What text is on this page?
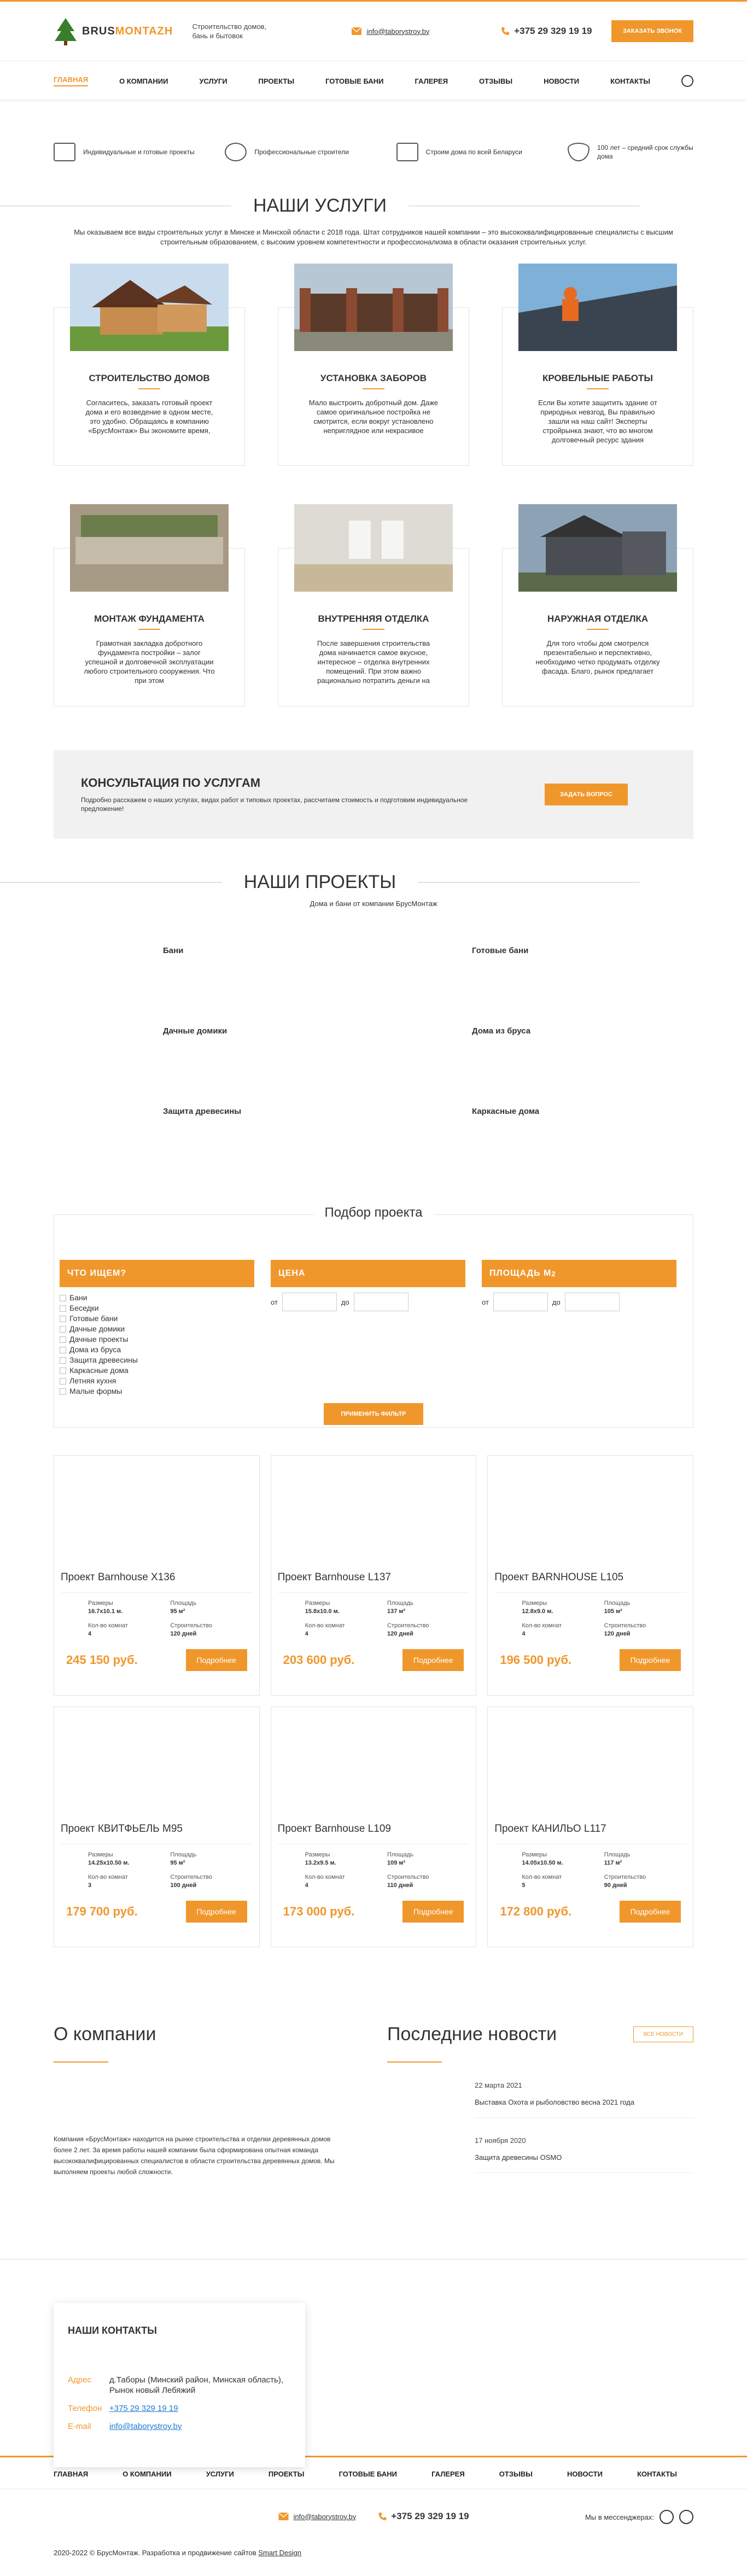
BRUSMONTAZH	Строительство домов, бань и бытовок
info@taborystroy.by	+375 29 329 19 19	ЗАКАЗАТЬ ЗВОНОК
ГЛАВНАЯ	О КОМПАНИИ	УСЛУГИ	ПРОЕКТЫ	ГОТОВЫЕ БАНИ	ГАЛЕРЕЯ	ОТЗЫВЫ	НОВОСТИ	КОНТАКТЫ
Индивидуальные и готовые проекты	Профессиональные строители	Строим дома по всей Беларуси
100 лет – средний срок службы дома
НАШИ УСЛУГИ

Мы оказываем все виды строительных услуг в Минске и Минской области с 2018 года. Штат сотрудников нашей компании – это высококвалифицированные специалисты с высшим строительным образованием, с высоким уровнем компетентности и профессионализма в области оказания строительных услуг.

СТРОИТЕЛЬСТВО ДОМОВ
Согласитесь, заказать готовый проект дома и его возведение в одном месте, это удобно. Обращаясь в компанию «БрусМонтаж» Вы экономите время,
УСТАНОВКА ЗАБОРОВ
Мало выстроить добротный дом. Даже самое оригинальное постройка не смотрится, если вокруг установлено неприглядное или некрасивое
КРОВЕЛЬНЫЕ РАБОТЫ
Если Вы хотите защитить здание от природных невзгод, Вы правильно зашли на наш сайт! Эксперты стройрынка знают, что во многом долговечный ресурс здания
МОНТАЖ ФУНДАМЕНТА
Грамотная закладка добротного фундамента постройки – залог успешной и долговечной эксплуатации любого строительного сооружения. Что при этом
ВНУТРЕННЯЯ ОТДЕЛКА
После завершения строительства дома начинается самое вкусное, интересное – отделка внутренних помещений. При этом важно рационально потратить деньги на
НАРУЖНАЯ ОТДЕЛКА
Для того чтобы дом смотрелся презентабельно и перспективно, необходимо четко продумать отделку фасада. Благо, рынок предлагает
КОНСУЛЬТАЦИЯ ПО УСЛУГАМ

Подробно расскажем о наших услугах, видах работ и типовых проектах, рассчитаем стоимость и подготовим индивидуальное предложение!

ЗАДАТЬ ВОПРОС
НАШИ ПРОЕКТЫ

Дома и бани от компании БрусМонтаж

Бани	Готовые бани
Дачные домики	Дома из бруса
Защита древесины	Каркасные дома
Подбор проекта
ЧТО ИЩЕМ?
Бани
Беседки
Готовые бани
Дачные домики
Дачные проекты
Дома из бруса
Защита древесины
Каркасные дома
Летняя кухня
Малые формы
ЦЕНА
от	до
ПЛОЩАДЬ М 2
от	до
ПРИМЕНИТЬ ФИЛЬТР
Проект Barnhouse X136
Размеры
16.7x10.1 м.
Площадь
95 м²
Кол-во комнат
4
Строительство
120 дней
245 150 руб.	Подробнее
Проект Barnhouse L137
Размеры
15.8x10.0 м.
Площадь
137 м²
Кол-во комнат
4
Строительство
120 дней
203 600 руб.	Подробнее
Проект BARNHOUSE L105
Размеры
12.8x9.0 м.
Площадь
105 м²
Кол-во комнат
4
Строительство
120 дней
196 500 руб.	Подробнее
Проект КВИТФЬЕЛЬ М95
Размеры
14.25x10.50 м.
Площадь
95 м²
Кол-во комнат
3
Строительство
100 дней
179 700 руб.	Подробнее
Проект Barnhouse L109
Размеры
13.2x9.5 м.
Площадь
109 м²
Кол-во комнат
4
Строительство
110 дней
173 000 руб.	Подробнее
Проект КАНИЛЬО L117
Размеры
14.05x10.50 м.
Площадь
117 м²
Кол-во комнат
5
Строительство
90 дней
172 800 руб.	Подробнее
О компании

Компания «БрусМонтаж» находится на рынке строительства и отделки деревянных домов более 2 лет. За время работы нашей компании была сформирована опытная команда высококвалифицированных специалистов в области строительства деревянных домов. Мы выполняем проекты любой сложности.

Последние новости	ВСЕ НОВОСТИ
22 марта 2021
Выставка Охота и рыболовство весна 2021 года
17 ноября 2020
Защита древесины OSMO
НАШИ КОНТАКТЫ
Адрес	д.Таборы (Минский район, Минская область), Рынок новый Лебяжий
Телефон +375 29 329 19 19
E-mail	info@taborystroy.by
ГЛАВНАЯ	О КОМПАНИИ	УСЛУГИ	ПРОЕКТЫ	ГОТОВЫЕ БАНИ	ГАЛЕРЕЯ	ОТЗЫВЫ	НОВОСТИ	КОНТАКТЫ
info@taborystroy.by	+375 29 329 19 19	Мы в мессенджерах:
2020-2022 © БрусМонтаж. Разработка и продвижение сайтов Smart Design
